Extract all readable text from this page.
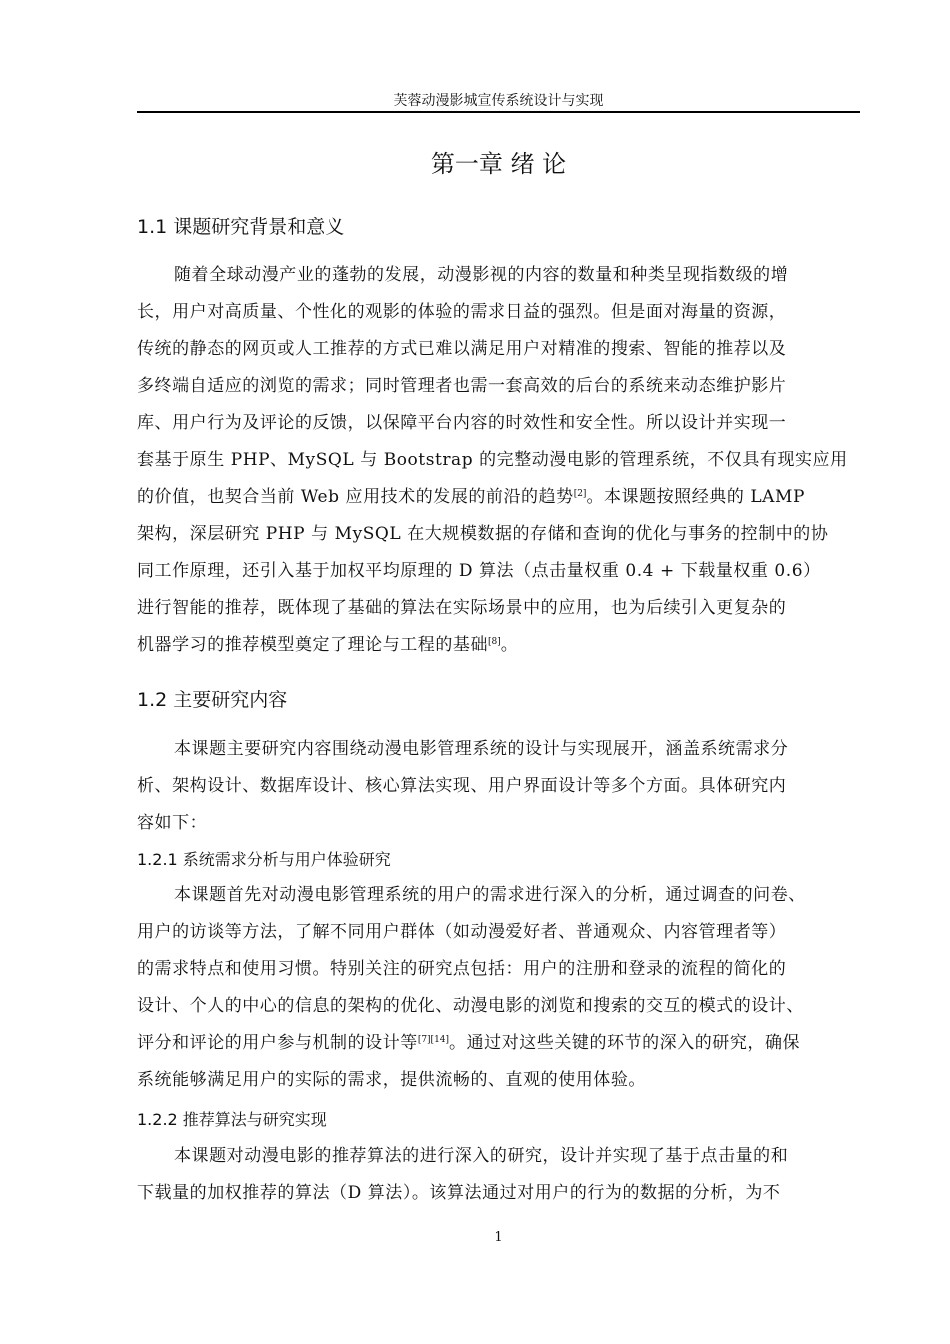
芙蓉动漫影城宣传系统设计与实现
第一章 绪 论
1.1 课题研究背景和意义
随着全球动漫产业的蓬勃的发展，动漫影视的内容的数量和种类呈现指数级的增
长，用户对高质量、个性化的观影的体验的需求日益的强烈。但是面对海量的资源，
传统的静态的网页或人工推荐的方式已难以满足用户对精准的搜索、智能的推荐以及
多终端自适应的浏览的需求；同时管理者也需一套高效的后台的系统来动态维护影片
库、用户行为及评论的反馈，以保障平台内容的时效性和安全性。所以设计并实现一
套基于原生 PHP、MySQL 与 Bootstrap 的完整动漫电影的管理系统，不仅具有现实应用
的价值，也契合当前 Web 应用技术的发展的前沿的趋势[2]。本课题按照经典的 LAMP
架构，深层研究 PHP 与 MySQL 在大规模数据的存储和查询的优化与事务的控制中的协
同工作原理，还引入基于加权平均原理的 D 算法（点击量权重 0.4 + 下载量权重 0.6）
进行智能的推荐，既体现了基础的算法在实际场景中的应用，也为后续引入更复杂的
机器学习的推荐模型奠定了理论与工程的基础[8]。
1.2 主要研究内容
本课题主要研究内容围绕动漫电影管理系统的设计与实现展开，涵盖系统需求分
析、架构设计、数据库设计、核心算法实现、用户界面设计等多个方面。具体研究内
容如下：
1.2.1 系统需求分析与用户体验研究
本课题首先对动漫电影管理系统的用户的需求进行深入的分析，通过调查的问卷、
用户的访谈等方法，了解不同用户群体（如动漫爱好者、普通观众、内容管理者等）
的需求特点和使用习惯。特别关注的研究点包括：用户的注册和登录的流程的简化的
设计、个人的中心的信息的架构的优化、动漫电影的浏览和搜索的交互的模式的设计、
评分和评论的用户参与机制的设计等[7][14]。通过对这些关键的环节的深入的研究，确保
系统能够满足用户的实际的需求，提供流畅的、直观的使用体验。
1.2.2 推荐算法与研究实现
本课题对动漫电影的推荐算法的进行深入的研究，设计并实现了基于点击量的和
下载量的加权推荐的算法（D 算法）。该算法通过对用户的行为的数据的分析，为不
1
